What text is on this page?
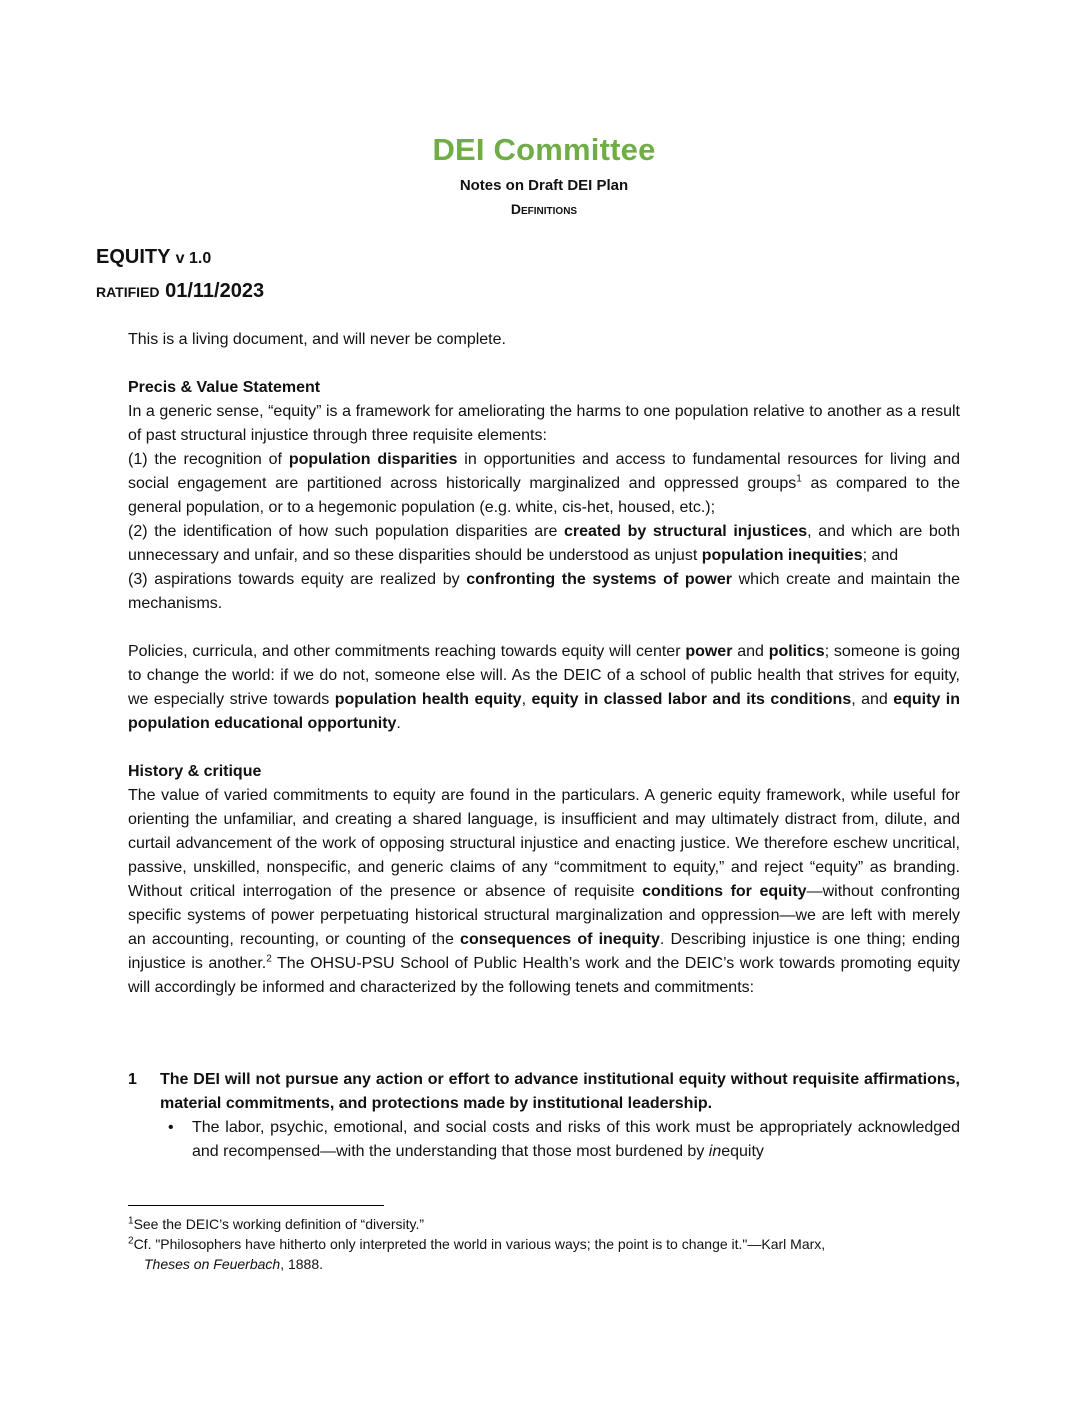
DEI Committee
Notes on Draft DEI Plan
Definitions
EQUITY v 1.0
RATIFIED 01/11/2023

This is a living document, and will never be complete.

Precis & Value Statement

In a generic sense, “equity” is a framework for ameliorating the harms to one population relative to another as a result of past structural injustice through three requisite elements:

(1) the recognition of population disparities in opportunities and access to fundamental resources for living and social engagement are partitioned across historically marginalized and oppressed groups$^1$ as compared to the general population, or to a hegemonic population (e.g. white, cis-het, housed, etc.);

(2) the identification of how such population disparities are created by structural injustices, and which are both unnecessary and unfair, and so these disparities should be understood as unjust population inequities; and

(3) aspirations towards equity are realized by confronting the systems of power which create and maintain the mechanisms.

Policies, curricula, and other commitments reaching towards equity will center power and politics; someone is going to change the world: if we do not, someone else will. As the DEIC of a school of public health that strives for equity, we especially strive towards population health equity, equity in classed labor and its conditions, and equity in population educational opportunity.

History & critique

The value of varied commitments to equity are found in the particulars. A generic equity framework, while useful for orienting the unfamiliar, and creating a shared language, is insufficient and may ultimately distract from, dilute, and curtail advancement of the work of opposing structural injustice and enacting justice. We therefore eschew uncritical, passive, unskilled, nonspecific, and generic claims of any “commitment to equity,” and reject “equity” as branding. Without critical interrogation of the presence or absence of requisite conditions for equity—without confronting specific systems of power perpetuating historical structural marginalization and oppression—we are left with merely an accounting, recounting, or counting of the consequences of inequity. Describing injustice is one thing; ending injustice is another.$^2$ The OHSU-PSU School of Public Health’s work and the DEIC’s work towards promoting equity will accordingly be informed and characterized by the following tenets and commitments:

1	The DEI will not pursue any action or effort to advance institutional equity without requisite affirmations, material commitments, and protections made by institutional leadership.
•	The labor, psychic, emotional, and social costs and risks of this work must be appropriately acknowledged and recompensed—with the understanding that those most burdened by inequity

$^1$See the DEIC’s working definition of “diversity.”

$^2$Cf. "Philosophers have hitherto only interpreted the world in various ways; the point is to change it."—Karl Marx,

Theses on Feuerbach, 1888.
